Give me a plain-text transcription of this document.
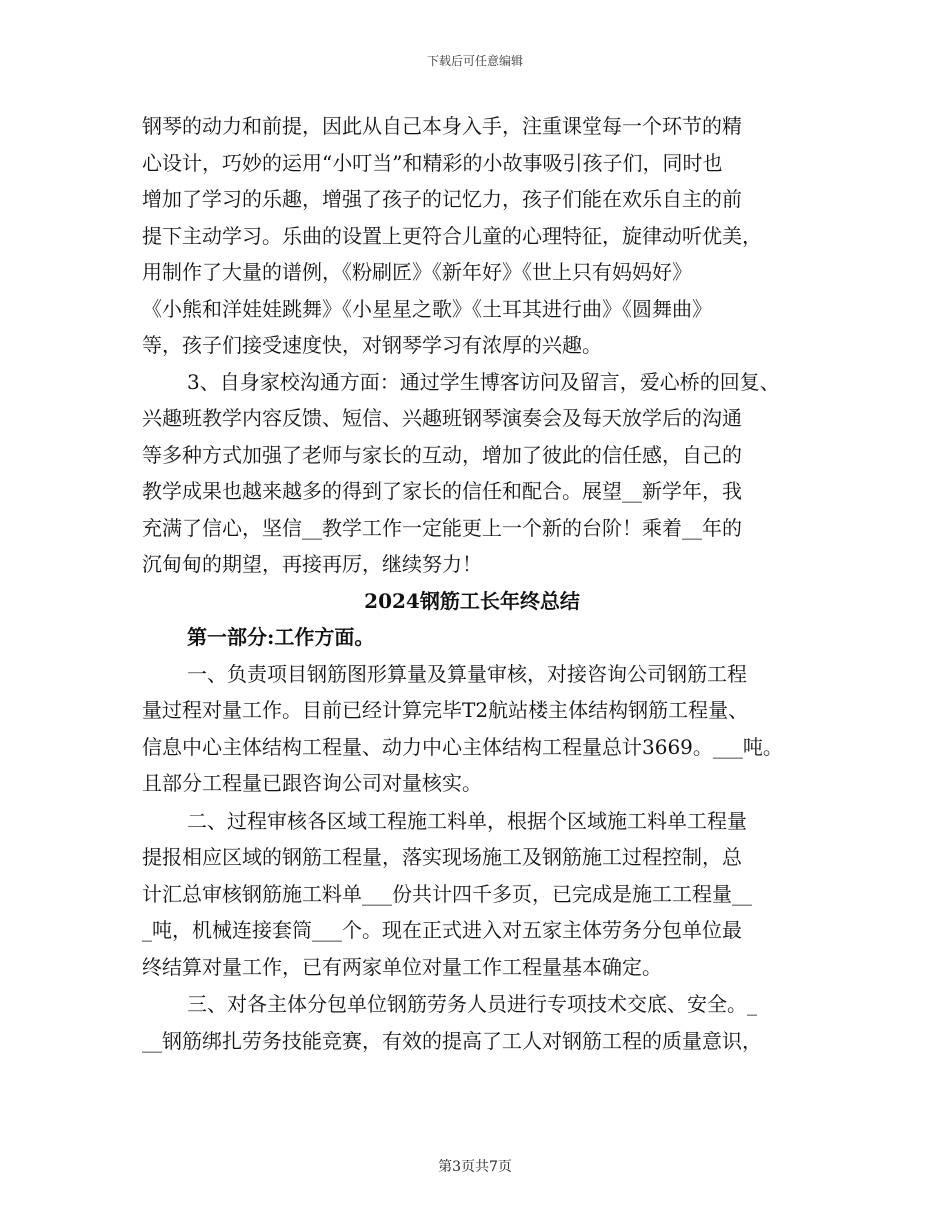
下载后可任意编辑
钢琴的动力和前提，因此从自己本身入手，注重课堂每一个环节的精
心设计，巧妙的运用“小叮当”和精彩的小故事吸引孩子们，同时也
增加了学习的乐趣，增强了孩子的记忆力，孩子们能在欢乐自主的前
提下主动学习。乐曲的设置上更符合儿童的心理特征，旋律动听优美，
用制作了大量的谱例，《粉刷匠》《新年好》《世上只有妈妈好》
《小熊和洋娃娃跳舞》《小星星之歌》《土耳其进行曲》《圆舞曲》
等，孩子们接受速度快，对钢琴学习有浓厚的兴趣。
3、自身家校沟通方面：通过学生博客访问及留言，爱心桥的回复、
兴趣班教学内容反馈、短信、兴趣班钢琴演奏会及每天放学后的沟通
等多种方式加强了老师与家长的互动，增加了彼此的信任感，自己的
教学成果也越来越多的得到了家长的信任和配合。展望__新学年，我
充满了信心，坚信__教学工作一定能更上一个新的台阶！乘着__年的
沉甸甸的期望，再接再厉，继续努力！
2024钢筋工长年终总结
第一部分:工作方面。
一、负责项目钢筋图形算量及算量审核，对接咨询公司钢筋工程
量过程对量工作。目前已经计算完毕T2航站楼主体结构钢筋工程量、
信息中心主体结构工程量、动力中心主体结构工程量总计3669。___吨。
且部分工程量已跟咨询公司对量核实。
二、过程审核各区域工程施工料单，根据个区域施工料单工程量
提报相应区域的钢筋工程量，落实现场施工及钢筋施工过程控制，总
计汇总审核钢筋施工料单___份共计四千多页，已完成是施工工程量__
_吨，机械连接套筒___个。现在正式进入对五家主体劳务分包单位最
终结算对量工作，已有两家单位对量工作工程量基本确定。
三、对各主体分包单位钢筋劳务人员进行专项技术交底、安全。_
__钢筋绑扎劳务技能竞赛，有效的提高了工人对钢筋工程的质量意识，
第3页共7页
